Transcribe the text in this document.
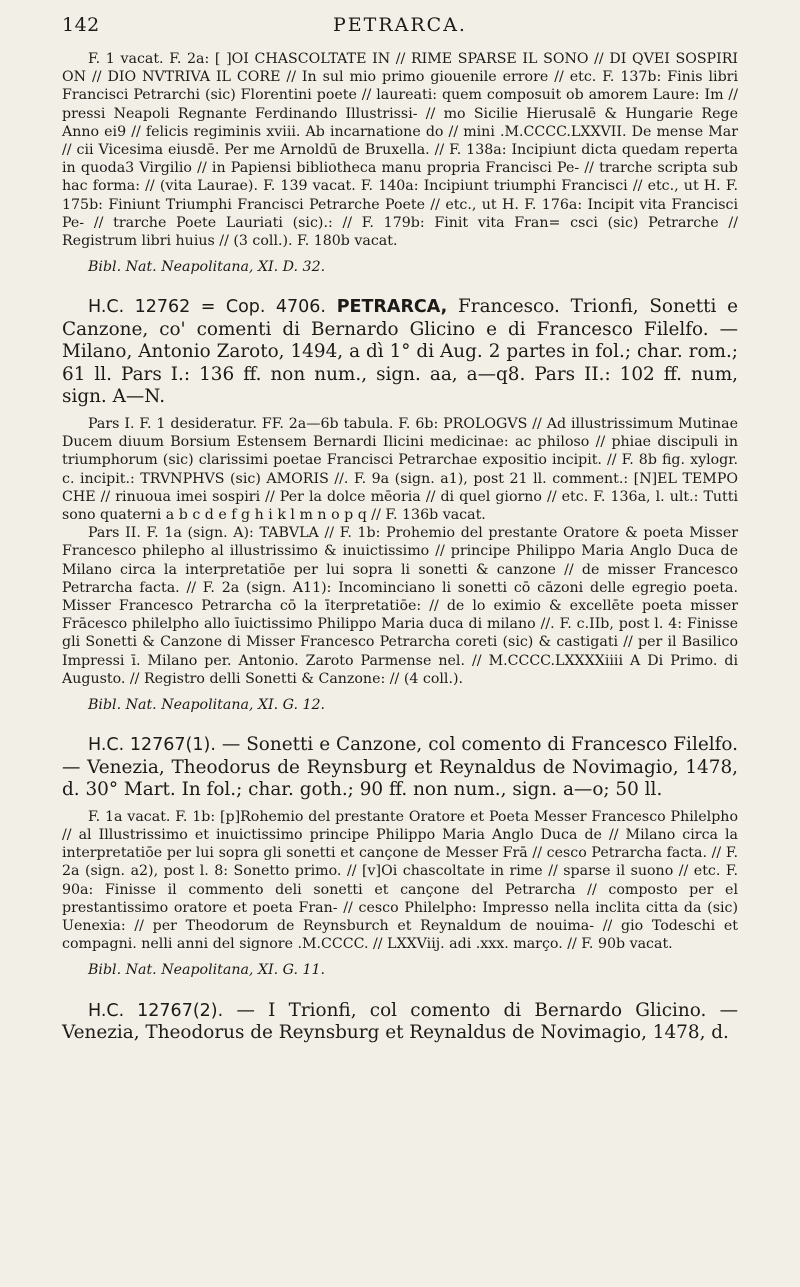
142	PETRARCA.

F. 1 vacat. F. 2a: [ ]OI CHASCOLTATE IN // RIME SPARSE IL SONO // DI QVEI SOSPIRI ON // DIO NVTRIVA IL CORE // In sul mio primo giouenile errore // etc. F. 137b: Finis libri Francisci Petrarchi (sic) Florentini poete // laureati: quem composuit ob amorem Laure: Im // pressi Neapoli Regnante Ferdinando Illustrissi- // mo Sicilie Hierusalē & Hungarie Rege Anno ei9 // felicis regiminis xviii. Ab incarnatione do // mini .M.CCCC.LXXVII. De mense Mar // cii Vicesima eiusdē. Per me Arnoldū de Bruxella. // F. 138a: Incipiunt dicta quedam reperta in quoda3 Virgilio // in Papiensi bibliotheca manu propria Francisci Pe- // trarche scripta sub hac forma: // (vita Laurae). F. 139 vacat. F. 140a: Incipiunt triumphi Francisci // etc., ut H. F. 175b: Finiunt Triumphi Francisci Petrarche Poete // etc., ut H. F. 176a: Incipit vita Francisci Pe- // trarche Poete Lauriati (sic).: // F. 179b: Finit vita Fran= csci (sic) Petrarche // Registrum libri huius // (3 coll.). F. 180b vacat.

Bibl. Nat. Neapolitana, XI. D. 32.

H.C. 12762 = Cop. 4706. PETRARCA, Francesco. Trionfi, Sonetti e Canzone, co' comenti di Bernardo Glicino e di Francesco Filelfo. — Milano, Antonio Zaroto, 1494, a dì 1° di Aug. 2 partes in fol.; char. rom.; 61 ll. Pars I.: 136 ff. non num., sign. aa, a—q8. Pars II.: 102 ff. num, sign. A—N.

Pars I. F. 1 desideratur. FF. 2a—6b tabula. F. 6b: PROLOGVS // Ad illustrissimum Mutinae Ducem diuum Borsium Estensem Bernardi Ilicini medicinae: ac philoso // phiae discipuli in triumphorum (sic) clarissimi poetae Francisci Petrarchae expositio incipit. // F. 8b fig. xylogr. c. incipit.: TRVNPHVS (sic) AMORIS //. F. 9a (sign. a1), post 21 ll. comment.: [N]EL TEMPO CHE // rinuoua imei sospiri // Per la dolce mēoria // di quel giorno // etc. F. 136a, l. ult.: Tutti sono quaterni a b c d e f g h i k l m n o p q // F. 136b vacat.

Pars II. F. 1a (sign. A): TABVLA // F. 1b: Prohemio del prestante Oratore & poeta Misser Francesco philepho al illustrissimo & inuictissimo // principe Philippo Maria Anglo Duca de Milano circa la interpretatiōe per lui sopra li sonetti & canzone // de misser Francesco Petrarcha facta. // F. 2a (sign. A11): Incominciano li sonetti cō cāzoni delle egregio poeta. Misser Francesco Petrarcha cō la īterpretatiōe: // de lo eximio & excellēte poeta misser Frācesco philelpho allo īuictissimo Philippo Maria duca di milano //. F. c.IIb, post l. 4: Finisse gli Sonetti & Canzone di Misser Francesco Petrarcha coreti (sic) & castigati // per il Basilico Impressi ī. Milano per. Antonio. Zaroto Parmense nel. // M.CCCC.LXXXXiiii A Di Primo. di Augusto. // Registro delli Sonetti & Canzone: // (4 coll.).

Bibl. Nat. Neapolitana, XI. G. 12.

H.C. 12767(1). — Sonetti e Canzone, col comento di Francesco Filelfo. — Venezia, Theodorus de Reynsburg et Reynaldus de Novimagio, 1478, d. 30° Mart. In fol.; char. goth.; 90 ff. non num., sign. a—o; 50 ll.

F. 1a vacat. F. 1b: [p]Rohemio del prestante Oratore et Poeta Messer Francesco Philelpho // al Illustrissimo et inuictissimo principe Philippo Maria Anglo Duca de // Milano circa la interpretatiōe per lui sopra gli sonetti et cançone de Messer Frā // cesco Petrarcha facta. // F. 2a (sign. a2), post l. 8: Sonetto primo. // [v]Oi chascoltate in rime // sparse il suono // etc. F. 90a: Finisse il commento deli sonetti et cançone del Petrarcha // composto per el prestantissimo oratore et poeta Fran- // cesco Philelpho: Impresso nella inclita citta da (sic) Uenexia: // per Theodorum de Reynsburch et Reynaldum de nouima- // gio Todeschi et compagni. nelli anni del signore .M.CCCC. // LXXViij. adi .xxx. março. // F. 90b vacat.

Bibl. Nat. Neapolitana, XI. G. 11.

H.C. 12767(2). — I Trionfi, col comento di Bernardo Glicino. — Venezia, Theodorus de Reynsburg et Reynaldus de Novimagio, 1478, d.
